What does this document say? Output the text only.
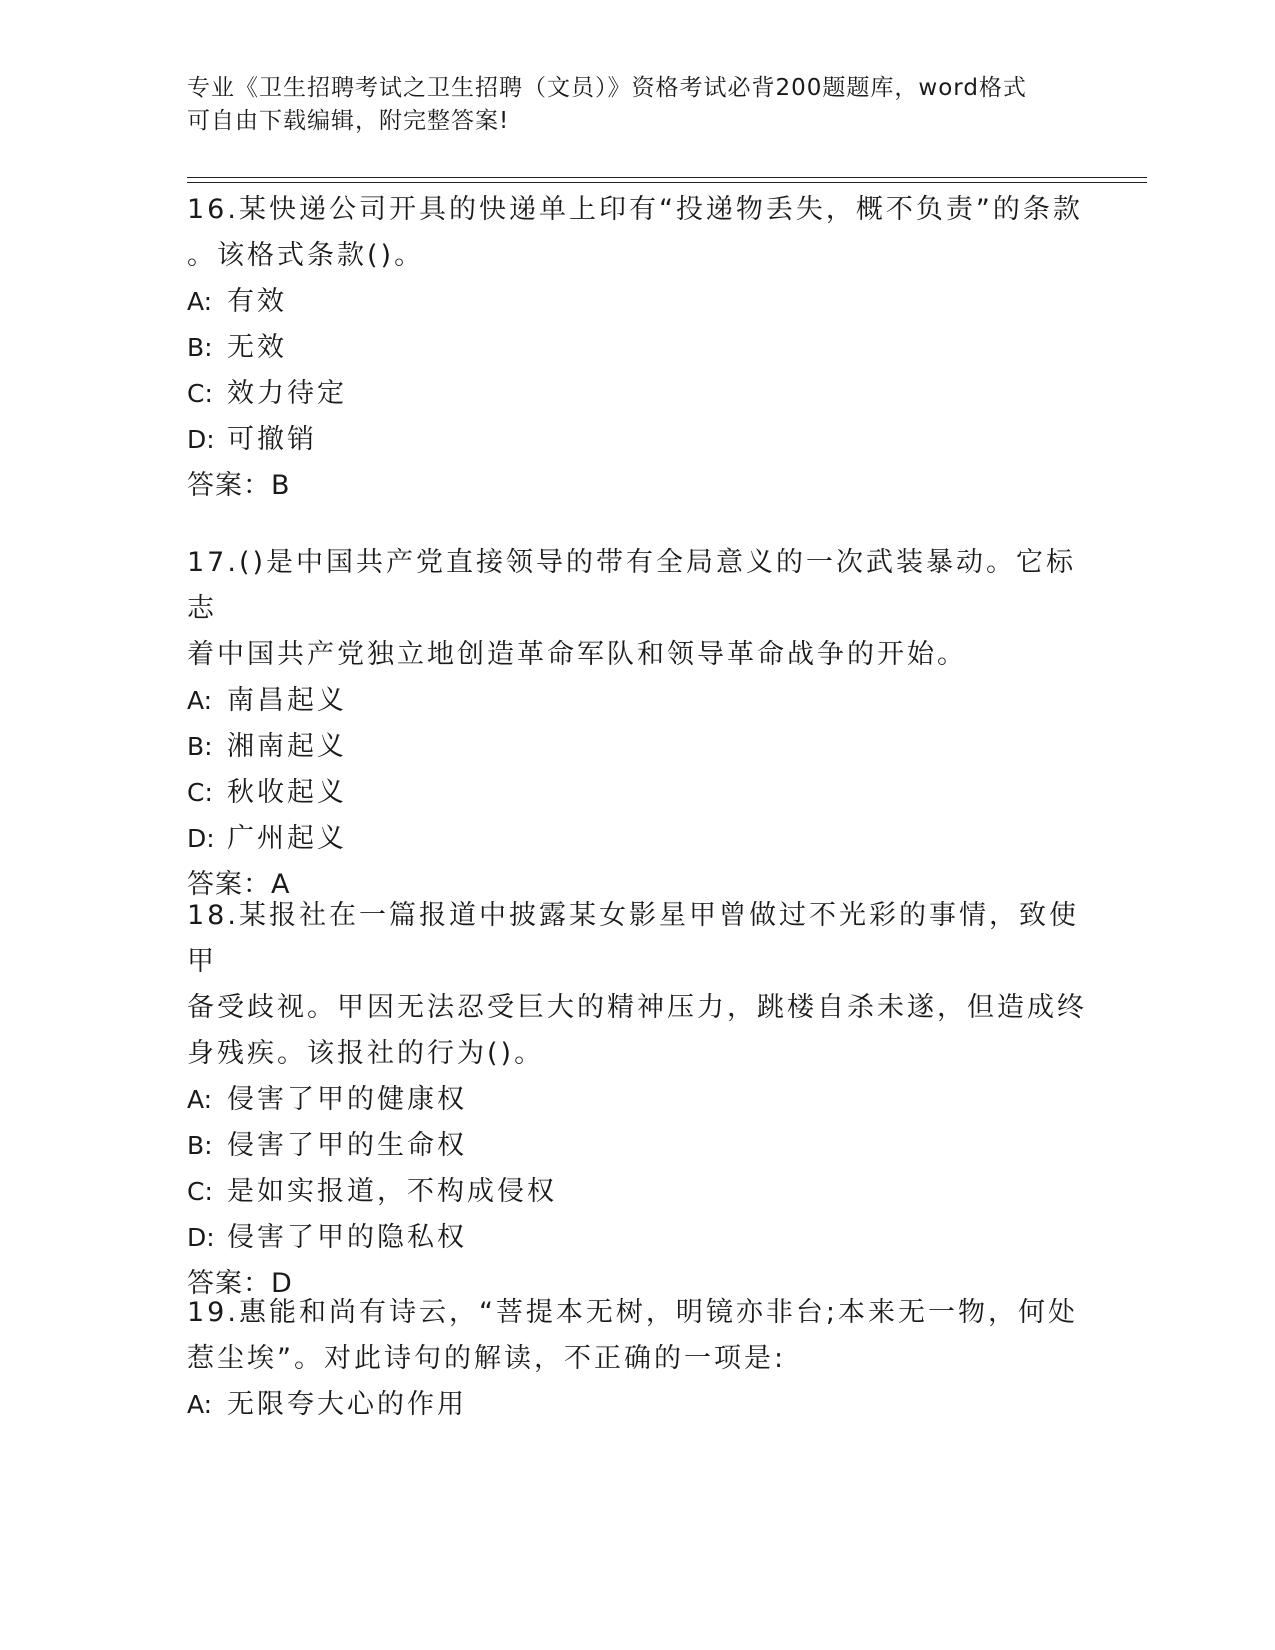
专业《卫生招聘考试之卫生招聘（文员）》资格考试必背200题题库，word格式
可自由下载编辑，附完整答案!

16.某快递公司开具的快递单上印有“投递物丢失，概不负责”的条款

。该格式条款()。

A: 有效
B: 无效
C: 效力待定
D: 可撤销
答案：B

17.()是中国共产党直接领导的带有全局意义的一次武装暴动。它标志

着中国共产党独立地创造革命军队和领导革命战争的开始。

A: 南昌起义
B: 湘南起义
C: 秋收起义
D: 广州起义
答案：A

18.某报社在一篇报道中披露某女影星甲曾做过不光彩的事情，致使甲

备受歧视。甲因无法忍受巨大的精神压力，跳楼自杀未遂，但造成终

身残疾。该报社的行为()。

A: 侵害了甲的健康权
B: 侵害了甲的生命权
C: 是如实报道，不构成侵权
D: 侵害了甲的隐私权
答案：D

19.惠能和尚有诗云，“菩提本无树，明镜亦非台;本来无一物，何处

惹尘埃”。对此诗句的解读，不正确的一项是:

A: 无限夸大心的作用
